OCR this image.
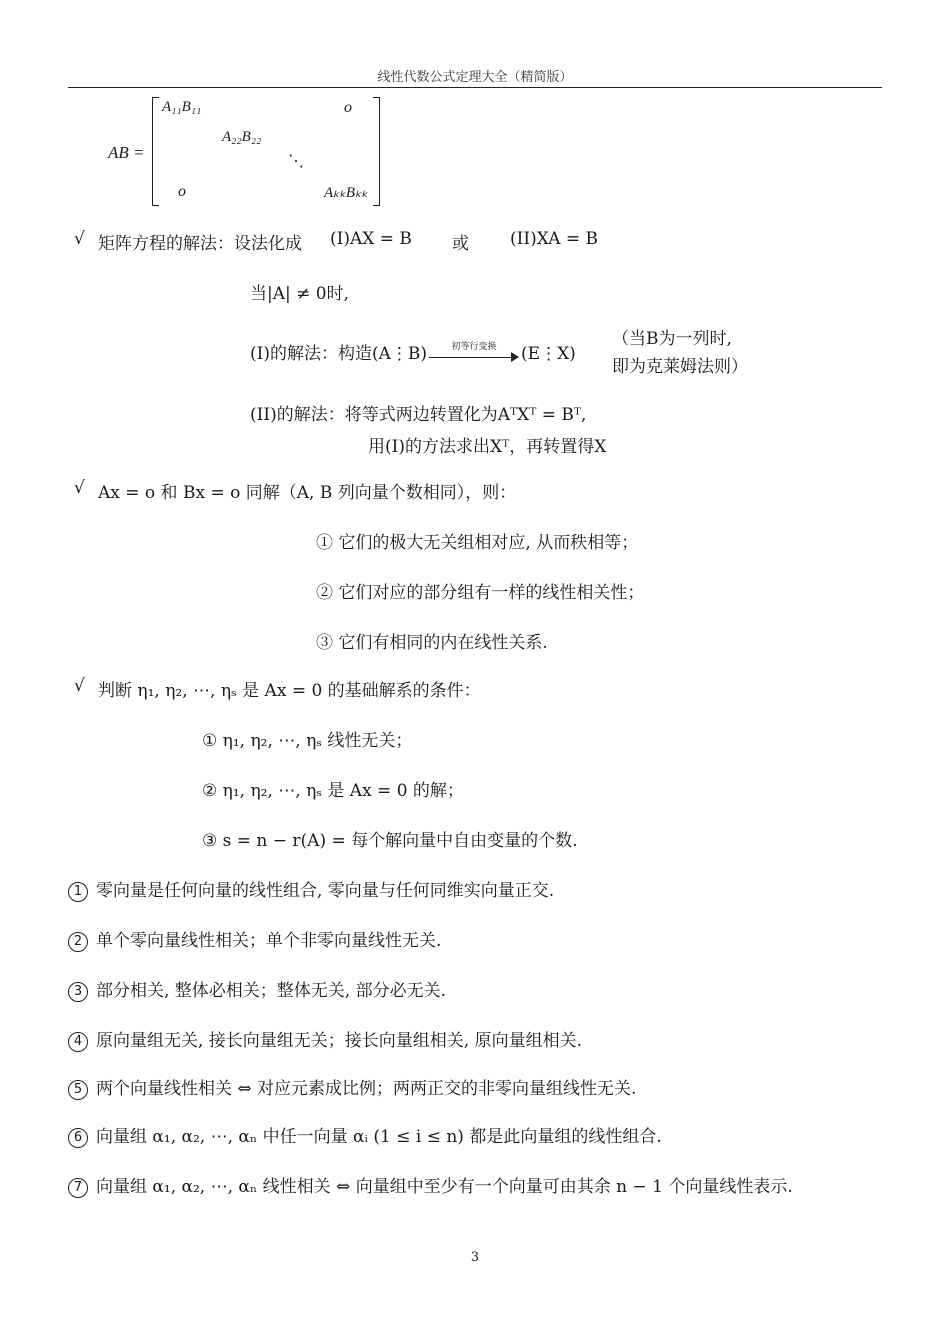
线性代数公式定理大全（精简版）
AB =
A₁₁B₁₁	o
A₂₂B₂₂
⋱
o	AₖₖBₖₖ
√ 矩阵方程的解法：设法化成 (I)AX = B 或 (II)XA = B
当|A| ≠ 0时,
(I)的解法：构造(A⋮B)	初等行变换	(E⋮X)
（当B为一列时,
即为克莱姆法则）
(II)的解法：将等式两边转置化为AᵀXᵀ = Bᵀ,
用(I)的方法求出Xᵀ，再转置得X
√ Ax = o 和 Bx = o 同解（A, B 列向量个数相同），则：
① 它们的极大无关组相对应, 从而秩相等；
② 它们对应的部分组有一样的线性相关性；
③ 它们有相同的内在线性关系.
√ 判断 η₁, η₂, ⋯, ηₛ 是 Ax = 0 的基础解系的条件：
① η₁, η₂, ⋯, ηₛ 线性无关；
② η₁, η₂, ⋯, ηₛ 是 Ax = 0 的解；
③ s = n − r(A) = 每个解向量中自由变量的个数.
1 零向量是任何向量的线性组合, 零向量与任何同维实向量正交.
2 单个零向量线性相关；单个非零向量线性无关.
3 部分相关, 整体必相关；整体无关, 部分必无关.
4 原向量组无关, 接长向量组无关；接长向量组相关, 原向量组相关.
5 两个向量线性相关 ⇔ 对应元素成比例；两两正交的非零向量组线性无关.
6 向量组 α₁, α₂, ⋯, αₙ 中任一向量 αᵢ (1 ≤ i ≤ n) 都是此向量组的线性组合.
7 向量组 α₁, α₂, ⋯, αₙ 线性相关 ⇔ 向量组中至少有一个向量可由其余 n − 1 个向量线性表示.
3
